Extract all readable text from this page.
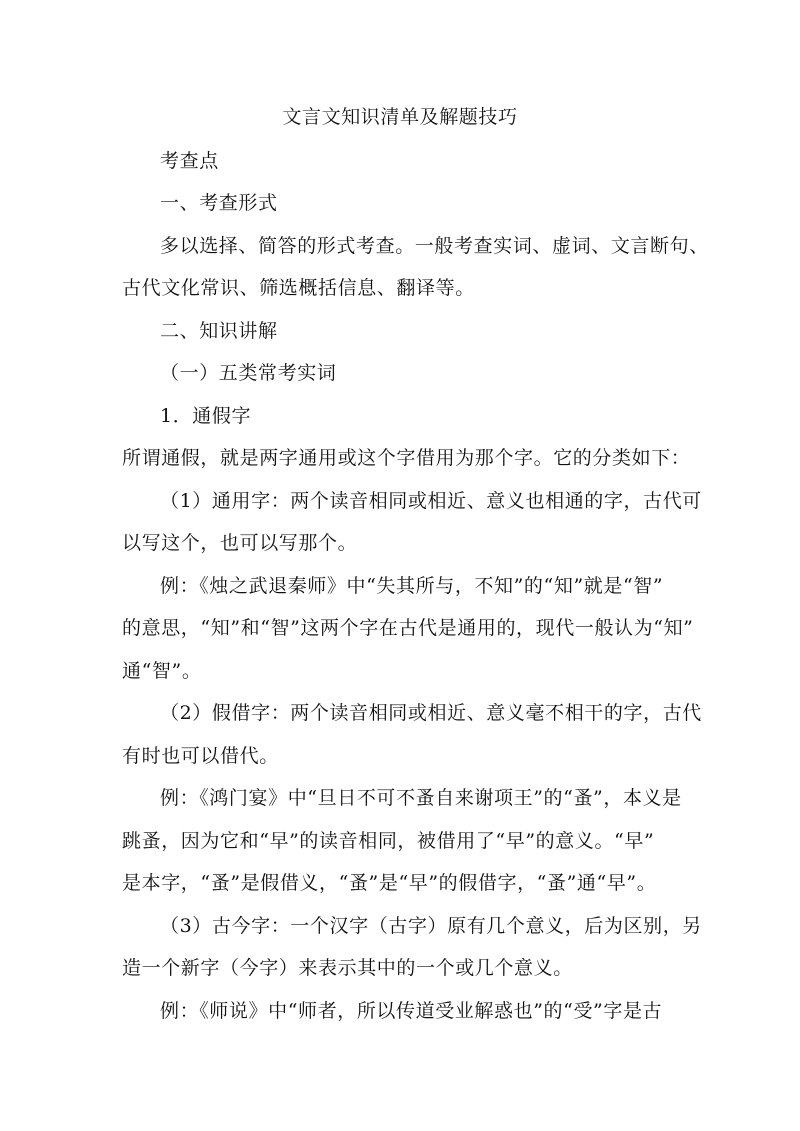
文言文知识清单及解题技巧
考查点
一、考查形式
多以选择、简答的形式考查。一般考查实词、虚词、文言断句、
古代文化常识、筛选概括信息、翻译等。
二、知识讲解
（一）五类常考实词
1．通假字
所谓通假，就是两字通用或这个字借用为那个字。它的分类如下：
（1）通用字：两个读音相同或相近、意义也相通的字，古代可
以写这个，也可以写那个。
例：《烛之武退秦师》中“失其所与，不知”的“知”就是“智”
的意思，“知”和“智”这两个字在古代是通用的，现代一般认为“知”
通“智”。
（2）假借字：两个读音相同或相近、意义毫不相干的字，古代
有时也可以借代。
例：《鸿门宴》中“旦日不可不蚤自来谢项王”的“蚤”，本义是
跳蚤，因为它和“早”的读音相同，被借用了“早”的意义。“早”
是本字，“蚤”是假借义，“蚤”是“早”的假借字，“蚤”通“早”。
（3）古今字：一个汉字（古字）原有几个意义，后为区别，另
造一个新字（今字）来表示其中的一个或几个意义。
例：《师说》中“师者，所以传道受业解惑也”的“受”字是古
